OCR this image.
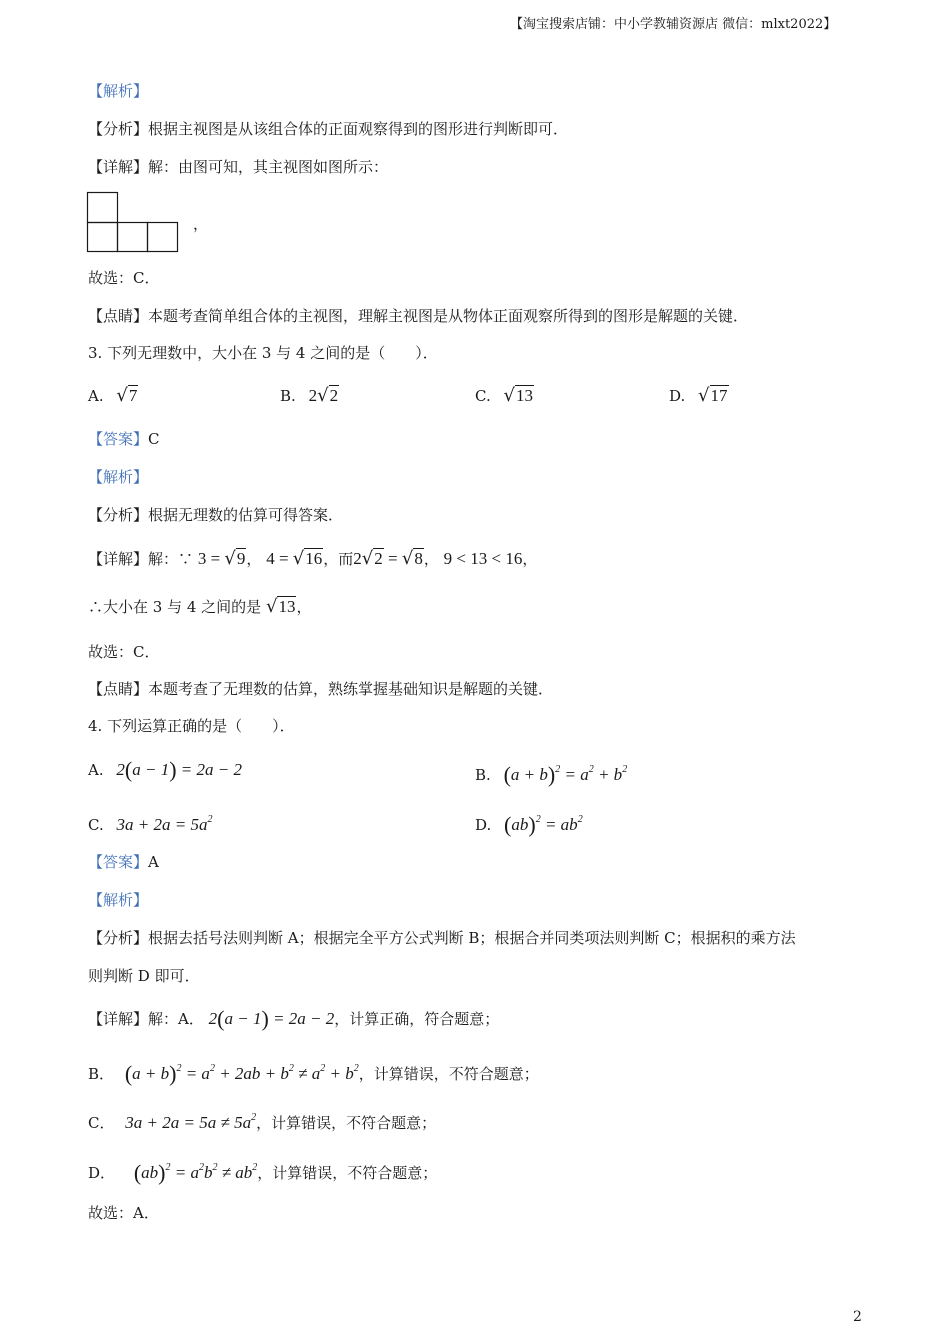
【淘宝搜索店铺：中小学教辅资源店 微信：mlxt2022】
【解析】
【分析】根据主视图是从该组合体的正面观察得到的图形进行判断即可．
【详解】解：由图可知，其主视图如图所示：
，
故选：C．
【点睛】本题考查简单组合体的主视图，理解主视图是从物体正面观察所得到的图形是解题的关键．
3. 下列无理数中，大小在 3 与 4 之间的是（　　）．
A. √7	B. 2√2	C. √13	D. √17
【答案】C
【解析】
【分析】根据无理数的估算可得答案．
【详解】解：∵ 3 = √9， 4 = √16，而2√2 = √8， 9 < 13 < 16，
∴大小在 3 与 4 之间的是 √13，
故选：C．
【点睛】本题考查了无理数的估算，熟练掌握基础知识是解题的关键．
4. 下列运算正确的是（　　）．
A. 2(a − 1) = 2a − 2	B. $(a + b)^2 = a^2 + b^2$
C. $3a + 2a = 5a^2$	D. $(ab)^2 = ab^2$
【答案】A
【解析】
【分析】根据去括号法则判断 A；根据完全平方公式判断 B；根据合并同类项法则判断 C；根据积的乘方法
则判断 D 即可．
【详解】解：A． 2(a − 1) = 2a − 2，计算正确，符合题意；
B． $(a + b)^2 = a^2 + 2ab + b^2 \ne a^2 + b^2$，计算错误，不符合题意；
C． $3a + 2a = 5a \ne 5a^2$，计算错误，不符合题意；
D． $(ab)^2 = a^2b^2 \ne ab^2$，计算错误，不符合题意；
故选：A．
2
